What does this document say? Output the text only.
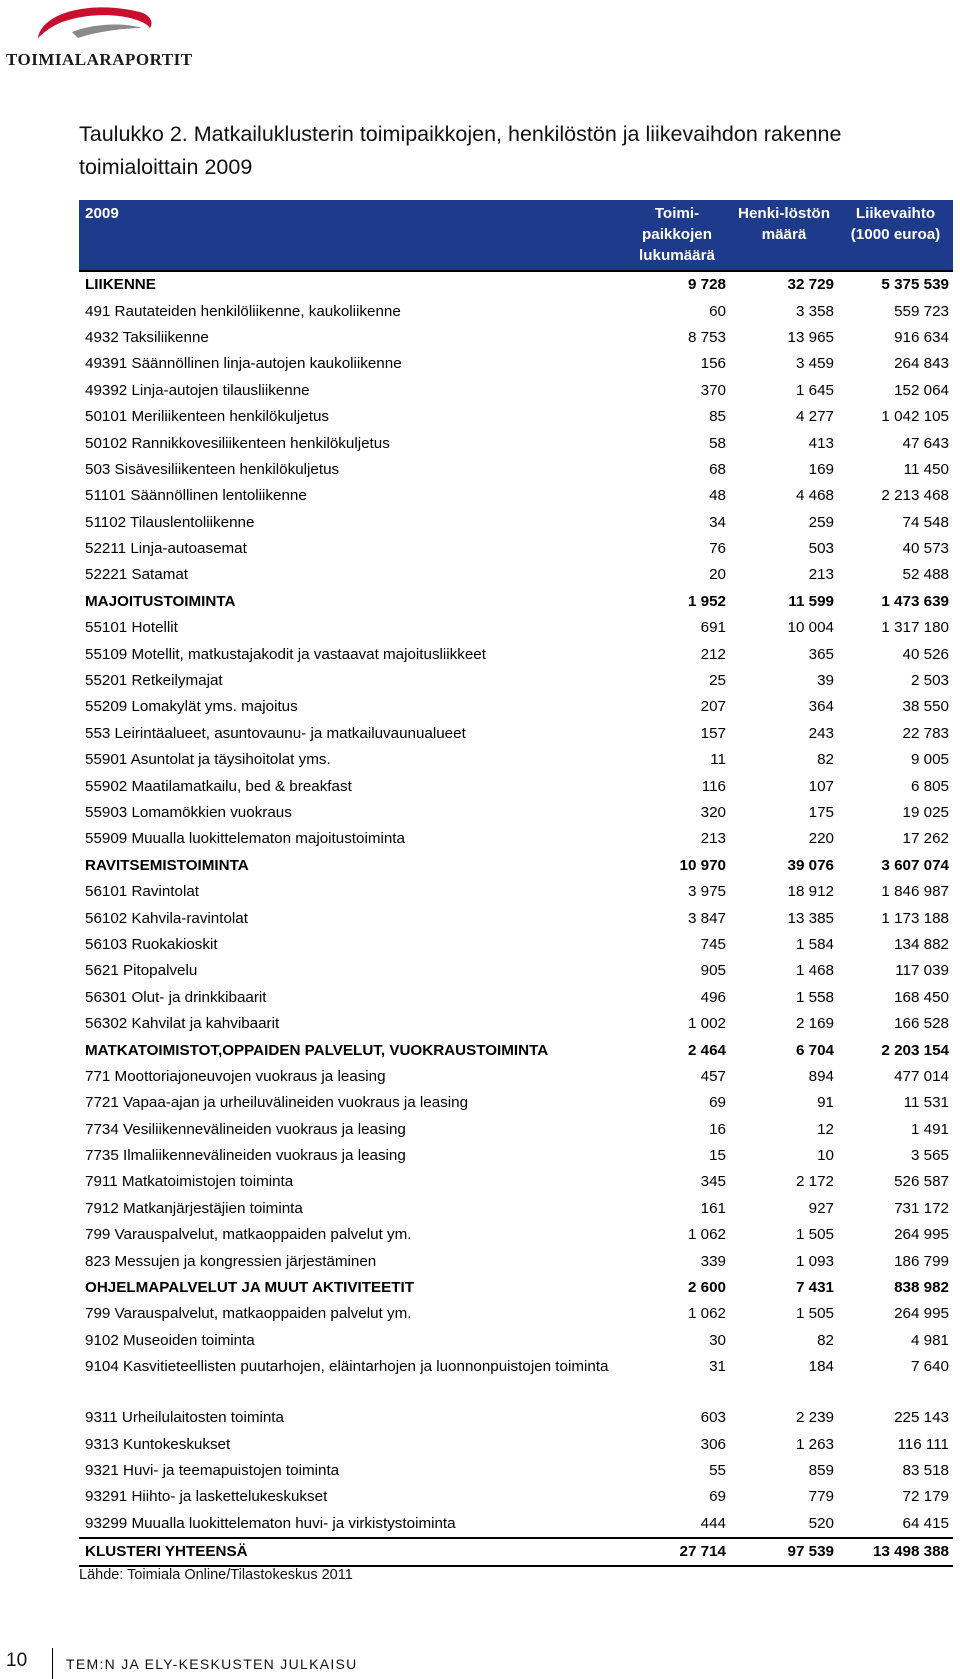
TOIMIALARAPORTIT
Taulukko 2. Matkailuklusterin toimipaikkojen, henkilöstön ja liikevaihdon rakenne toimialoittain 2009
2009	Toimi-paikkojen lukumäärä	Henki-löstön määrä	Liikevaihto (1000 euroa)
LIIKENNE	9 728	32 729	5 375 539
491 Rautateiden henkilöliikenne, kaukoliikenne	60	3 358	559 723
4932 Taksiliikenne	8 753	13 965	916 634
49391 Säännöllinen linja-autojen kaukoliikenne	156	3 459	264 843
49392 Linja-autojen tilausliikenne	370	1 645	152 064
50101 Meriliikenteen henkilökuljetus	85	4 277	1 042 105
50102 Rannikkovesiliikenteen henkilökuljetus	58	413	47 643
503 Sisävesiliikenteen henkilökuljetus	68	169	11 450
51101 Säännöllinen lentoliikenne	48	4 468	2 213 468
51102 Tilauslentoliikenne	34	259	74 548
52211 Linja-autoasemat	76	503	40 573
52221 Satamat	20	213	52 488
MAJOITUSTOIMINTA	1 952	11 599	1 473 639
55101 Hotellit	691	10 004	1 317 180
55109 Motellit, matkustajakodit ja vastaavat majoitusliikkeet	212	365	40 526
55201 Retkeilymajat	25	39	2 503
55209 Lomakylät yms. majoitus	207	364	38 550
553 Leirintäalueet, asuntovaunu- ja matkailuvaunualueet	157	243	22 783
55901 Asuntolat ja täysihoitolat yms.	11	82	9 005
55902 Maatilamatkailu, bed & breakfast	116	107	6 805
55903 Lomamökkien vuokraus	320	175	19 025
55909 Muualla luokittelematon majoitustoiminta	213	220	17 262
RAVITSEMISTOIMINTA	10 970	39 076	3 607 074
56101 Ravintolat	3 975	18 912	1 846 987
56102 Kahvila-ravintolat	3 847	13 385	1 173 188
56103 Ruokakioskit	745	1 584	134 882
5621 Pitopalvelu	905	1 468	117 039
56301 Olut- ja drinkkibaarit	496	1 558	168 450
56302 Kahvilat ja kahvibaarit	1 002	2 169	166 528
MATKATOIMISTOT,OPPAIDEN PALVELUT, VUOKRAUSTOIMINTA	2 464	6 704	2 203 154
771 Moottoriajoneuvojen vuokraus ja leasing	457	894	477 014
7721 Vapaa-ajan ja urheiluvälineiden vuokraus ja leasing	69	91	11 531
7734 Vesiliikennevälineiden vuokraus ja leasing	16	12	1 491
7735 Ilmaliikennevälineiden vuokraus ja leasing	15	10	3 565
7911 Matkatoimistojen toiminta	345	2 172	526 587
7912 Matkanjärjestäjien toiminta	161	927	731 172
799 Varauspalvelut, matkaoppaiden palvelut ym.	1 062	1 505	264 995
823 Messujen ja kongressien järjestäminen	339	1 093	186 799
OHJELMAPALVELUT JA MUUT AKTIVITEETIT	2 600	7 431	838 982
799 Varauspalvelut, matkaoppaiden palvelut ym.	1 062	1 505	264 995
9102 Museoiden toiminta	30	82	4 981
9104 Kasvitieteellisten puutarhojen, eläintarhojen ja luonnonpuistojen toiminta	31	184	7 640
9311 Urheilulaitosten toiminta	603	2 239	225 143
9313 Kuntokeskukset	306	1 263	116 111
9321 Huvi- ja teemapuistojen toiminta	55	859	83 518
93291 Hiihto- ja laskettelukeskukset	69	779	72 179
93299 Muualla luokittelematon huvi- ja virkistystoiminta	444	520	64 415
KLUSTERI YHTEENSÄ	27 714	97 539	13 498 388
Lähde: Toimiala Online/Tilastokeskus 2011
10	TEM:N JA ELY-KESKUSTEN JULKAISU
